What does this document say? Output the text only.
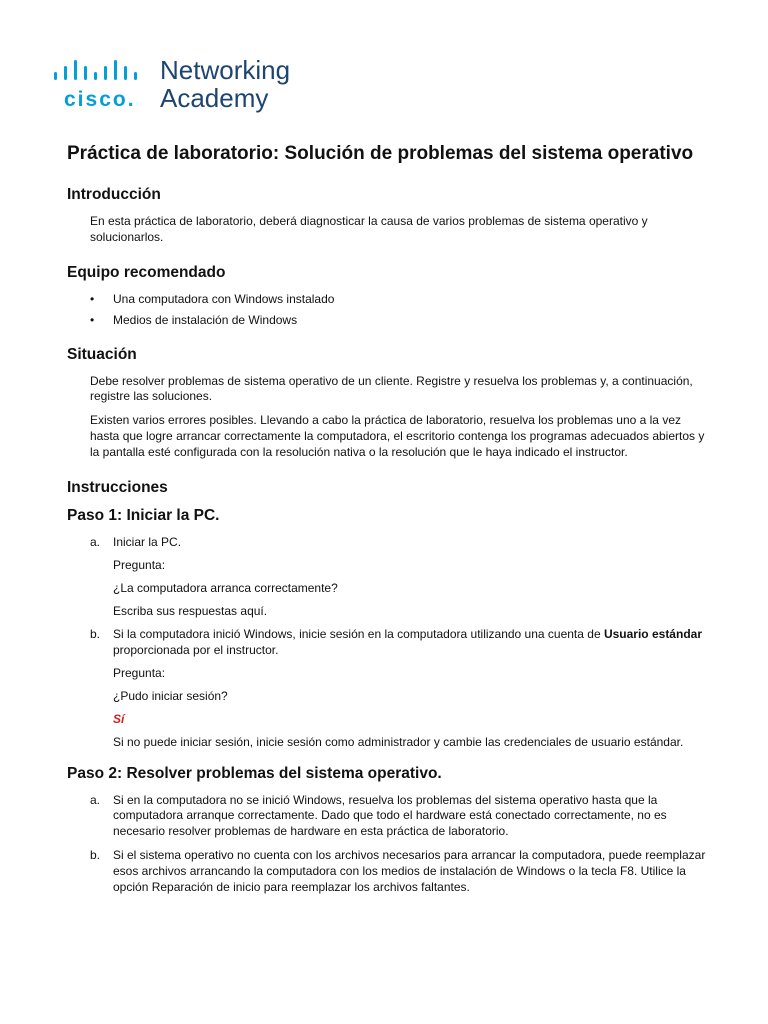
cisco.
Networking
Academy
Práctica de laboratorio: Solución de problemas del sistema operativo
Introducción

En esta práctica de laboratorio, deberá diagnosticar la causa de varios problemas de sistema operativo y solucionarlos.

Equipo recomendado
• Una computadora con Windows instalado
• Medios de instalación de Windows
Situación

Debe resolver problemas de sistema operativo de un cliente. Registre y resuelva los problemas y, a continuación, registre las soluciones.

Existen varios errores posibles. Llevando a cabo la práctica de laboratorio, resuelva los problemas uno a la vez hasta que logre arrancar correctamente la computadora, el escritorio contenga los programas adecuados abiertos y la pantalla esté configurada con la resolución nativa o la resolución que le haya indicado el instructor.

Instrucciones
Paso 1: Iniciar la PC.
a.	Iniciar la PC.

Pregunta:

¿La computadora arranca correctamente?

Escriba sus respuestas aquí.

b.	Si la computadora inició Windows, inicie sesión en la computadora utilizando una cuenta de Usuario estándar proporcionada por el instructor.

Pregunta:

¿Pudo iniciar sesión?

Sí

Si no puede iniciar sesión, inicie sesión como administrador y cambie las credenciales de usuario estándar.

Paso 2: Resolver problemas del sistema operativo.
a.	Si en la computadora no se inició Windows, resuelva los problemas del sistema operativo hasta que la computadora arranque correctamente. Dado que todo el hardware está conectado correctamente, no es necesario resolver problemas de hardware en esta práctica de laboratorio.
b.	Si el sistema operativo no cuenta con los archivos necesarios para arrancar la computadora, puede reemplazar esos archivos arrancando la computadora con los medios de instalación de Windows o la tecla F8. Utilice la opción Reparación de inicio para reemplazar los archivos faltantes.
